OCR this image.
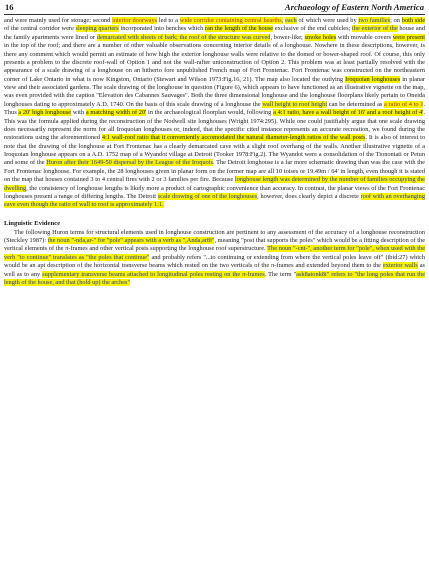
16	Archaeology of Eastern North America

and were mainly used for storage; second interior doorways led to a wide corridor containing central hearths, each of which were used by two families; on both side of the central corridor were sleeping quarters incorporated into benches which ran the length of the house exclusive of the end cubicles; the exterior of the house and the family apartments were lined or demarcated with sheets of bark; the roof of the structure was curved, bower-like; smoke holes with movable covers were present in the top of the roof; and there are a number of other valuable observations concerning interior details of a longhouse. Nowhere in these descriptions, however, is there any comment which would permit an estimate of how high the exterior longhouse walls were relative to the domed or bower-shaped roof. Of course, this only presents a problem to the discrete roof-wall of Option 1 and not the wall-rafter uniconstruction of Option 2. This problem was at least partially resolved with the appearance of a scale drawing of a longhouse on an hitherto fore unpublished French map of Fort Frontenac. Fort Frontenac was constructed on the northeastern corner of Lake Ontario in what is now Kingston, Ontario (Stewart and Wilson 1973:Fig.16, 21). The map also located the outlying Iroquoian longhouses in planar view and their associated gardens. The scale drawing of the longhouse in question (Figure 6), which appears to have functioned as an illustrative vignette on the map, was even provided with the caption "Elevation des Cabannes Sauvages". Both the three dimensional longhouse and the longhouse floorplans likely pertain to Oneida longhouses dating to approximately A.D. 1740. On the basis of this scale drawing of a longhouse the wall height to roof height can be determined as a ratio of 4 to 1. Thus a 20' high longhouse with a matching width of 20' in the archaeological floorplan would, following a 4:1 ratio, have a wall height of 16' and a roof height of 4'. This was the formula applied during the reconstruction of the Nodwell site longhouses (Wright 1974:295). While one could justifiably argue that one scale drawing does necessarily represent the norm for all Iroquoian longhouses or, indeed, that the specific cited instance represents an accurate recreation, we found during the restorations using the aforementioned 4:1 wall-roof ratio that it conveniently accomodated the natural diameter-length ratios of the wall posts. It is also of interest to note that the drawing of the longhouse at Fort Frontenac has a clearly demarcated cave with a slight roof overhang of the walls. Another illustrative vignette of a Iroquoian longhouse appears on a A.D. 1752 map of a Wyandot village at Detroit (Tooker 1978:Fig.2). The Wyandot were a consolidation of the Tionontati or Petun and some of the Huron after their 1649-50 dispersal by the League of the Iroquois. The Detroit longhouse is a far more schematic drawing than was the case with the Fort Frontenac longhouse. For example, the 28 longhouses given in planar form on the former map are all 10 toises or 19.49m / 64' in length, even though it is stated on the map that houses contained 3 to 4 central fires with 2 or 3 families per fire. Because longhouse length was determined by the number of families occupying the dwelling, the consistency of longhouse lengths is likely more a product of cartographic convenience than accuracy. In contrast, the planar views of the Fort Frontenac longhouses present a range of differing lengths. The Detroit scale drawing of one of the longhouses, however, does clearly depict a discrete roof with an overhanging eave even though the ratio of wall to roof is approximately 1:1.

Linguistic Evidence

The following Huron terms for structural elements used in longhouse construction are pertinent to any assessment of the accuracy of a longhouse reconstruction (Steckley 1987): the noun "-nda,ar-" for "pole" appears with a verb as ",Anda,ar8i", meaning "post that supports the poles" which would be a fitting description of the vertical elements of the π-frames and other vertical posts supporting the longhouse roof superstructure. The noun "-cnt-", another term for "pole", when used with the verb "to continue" translates as "the poles that continue" and probably refers "...to continuing or extending from where the vertical poles leave off" (ibid:27) which would be an apt description of the horizontal transverse beams which rested on the two verticals of the π-frames and extended beyond them to the exterior walls as well as to any supplementary transverse beams attached to longitudinal poles resting on the π-frames. The term "ask8atonk8i" refers to "the long poles that run the length of the house, and that (hold up) the arches"
